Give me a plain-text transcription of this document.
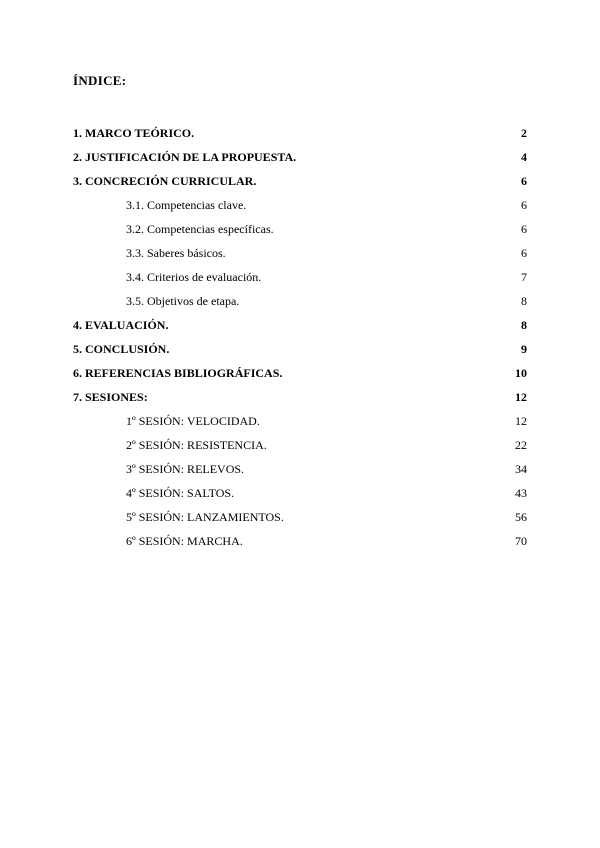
ÍNDICE:
1. MARCO TEÓRICO.	2
2. JUSTIFICACIÓN DE LA PROPUESTA.	4
3. CONCRECIÓN CURRICULAR.	6
3.1. Competencias clave.	6
3.2. Competencias específicas.	6
3.3. Saberes básicos.	6
3.4. Criterios de evaluación.	7
3.5. Objetivos de etapa.	8
4. EVALUACIÓN.	8
5. CONCLUSIÓN.	9
6. REFERENCIAS BIBLIOGRÁFICAS.	10
7. SESIONES:	12
1º SESIÓN: VELOCIDAD.	12
2º SESIÓN: RESISTENCIA.	22
3º SESIÓN: RELEVOS.	34
4º SESIÓN: SALTOS.	43
5º SESIÓN: LANZAMIENTOS.	56
6º SESIÓN: MARCHA.	70
